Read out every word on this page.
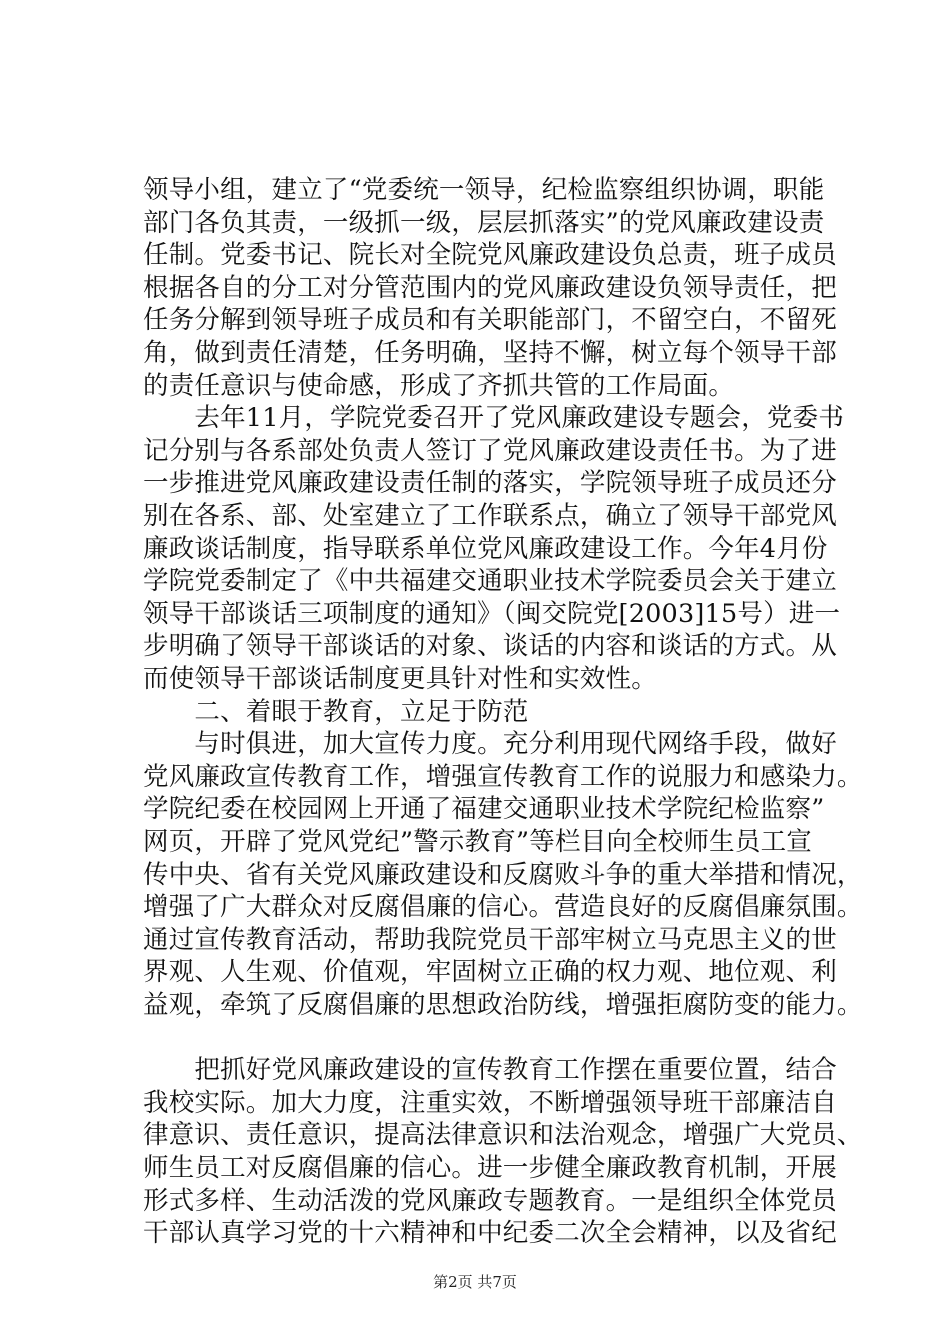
领导小组，建立了“党委统一领导，纪检监察组织协调，职能
部门各负其责，一级抓一级，层层抓落实”的党风廉政建设责
任制。党委书记、院长对全院党风廉政建设负总责，班子成员
根据各自的分工对分管范围内的党风廉政建设负领导责任，把
任务分解到领导班子成员和有关职能部门，不留空白，不留死
角，做到责任清楚，任务明确，坚持不懈，树立每个领导干部
的责任意识与使命感，形成了齐抓共管的工作局面。
　　去年11月，学院党委召开了党风廉政建设专题会，党委书
记分别与各系部处负责人签订了党风廉政建设责任书。为了进
一步推进党风廉政建设责任制的落实，学院领导班子成员还分
别在各系、部、处室建立了工作联系点，确立了领导干部党风
廉政谈话制度，指导联系单位党风廉政建设工作。今年4月份
学院党委制定了《中共福建交通职业技术学院委员会关于建立
领导干部谈话三项制度的通知》（闽交院党[2003]15号）进一
步明确了领导干部谈话的对象、谈话的内容和谈话的方式。从
而使领导干部谈话制度更具针对性和实效性。
　　二、着眼于教育，立足于防范
　　与时俱进，加大宣传力度。充分利用现代网络手段，做好
党风廉政宣传教育工作，增强宣传教育工作的说服力和感染力。
学院纪委在校园网上开通了福建交通职业技术学院纪检监察”
网页，开辟了党风党纪”警示教育”等栏目向全校师生员工宣
传中央、省有关党风廉政建设和反腐败斗争的重大举措和情况，
增强了广大群众对反腐倡廉的信心。营造良好的反腐倡廉氛围。
通过宣传教育活动，帮助我院党员干部牢树立马克思主义的世
界观、人生观、价值观，牢固树立正确的权力观、地位观、利
益观，牵筑了反腐倡廉的思想政治防线，增强拒腐防变的能力。
　　把抓好党风廉政建设的宣传教育工作摆在重要位置，结合
我校实际。加大力度，注重实效，不断增强领导班干部廉洁自
律意识、责任意识，提高法律意识和法治观念，增强广大党员、
师生员工对反腐倡廉的信心。进一步健全廉政教育机制，开展
形式多样、生动活泼的党风廉政专题教育。一是组织全体党员
干部认真学习党的十六精神和中纪委二次全会精神，以及省纪
第2页 共7页
